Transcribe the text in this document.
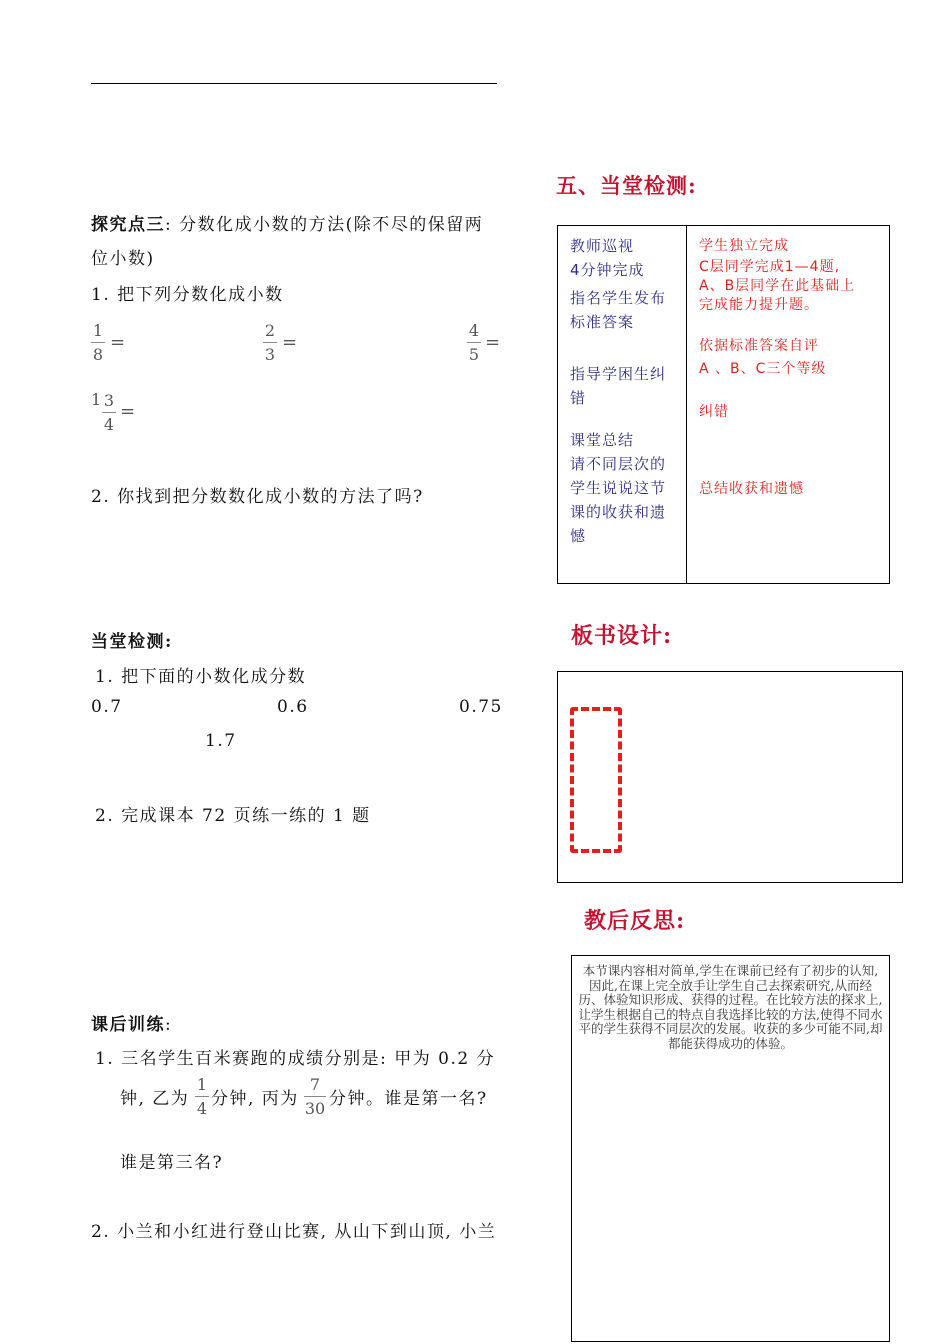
探究点三: 分数化成小数的方法(除不尽的保留两
位小数)
1. 把下列分数化成小数
1
8
=
2
3
=
4
5
=
1 3
4
=
2. 你找到把分数数化成小数的方法了吗?
当堂检测:
1. 把下面的小数化成分数
0.7	0.6	0.75
1.7
2. 完成课本 72 页练一练的 1 题
课后训练:
1. 三名学生百米赛跑的成绩分别是: 甲为 0.2 分
钟, 乙为
1
4 分钟, 丙为
7
30 分钟。谁是第一名?
谁是第三名?
2. 小兰和小红进行登山比赛, 从山下到山顶, 小兰
五、当堂检测:
教师巡视
4分钟完成
指名学生发布
标准答案
指导学困生纠
错
课堂总结
请不同层次的
学生说说这节
课的收获和遗
憾
学生独立完成
C层同学完成1—4题,
A、B层同学在此基础上
完成能力提升题。
依据标准答案自评
A 、B、C三个等级
纠错
总结收获和遗憾
板书设计:
教后反思:
本节课内容相对简单,学生在课前已经有了初步的认知,因此,在课上完全放手让学生自己去探索研究,从而经历、体验知识形成、获得的过程。在比较方法的探求上,让学生根据自己的特点自我选择比较的方法,使得不同水平的学生获得不同层次的发展。收获的多少可能不同,却都能获得成功的体验。
